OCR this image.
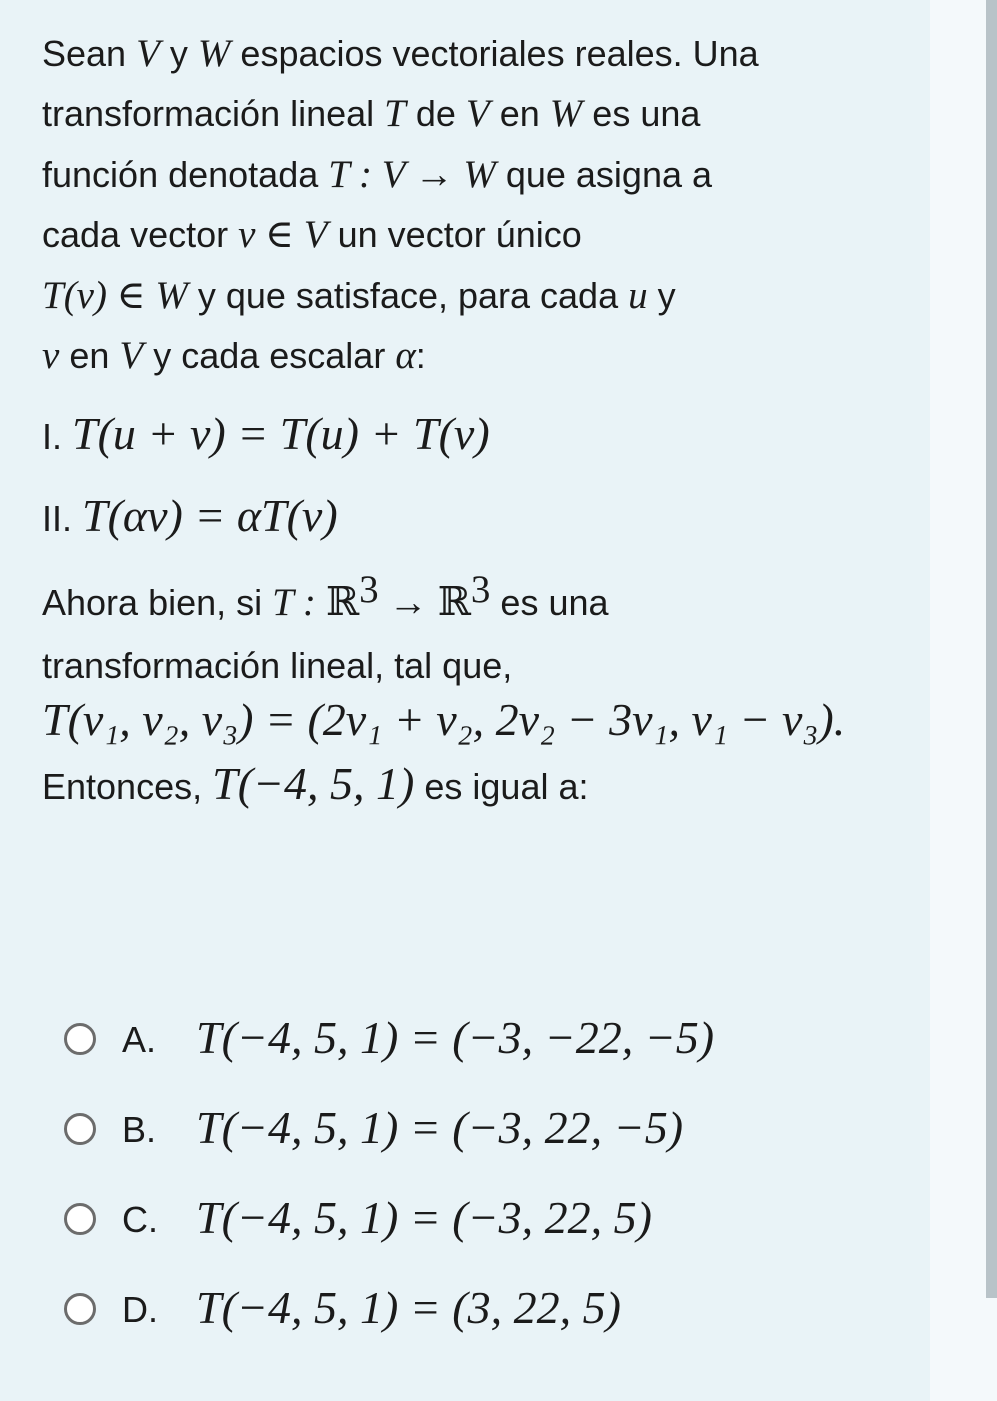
Sean V y W espacios vectoriales reales. Una
transformación lineal T de V en W es una
función denotada T : V → W que asigna a
cada vector v ∈ V un vector único
T(v) ∈ W y que satisface, para cada u y
v en V y cada escalar α:
I. T(u + v) = T(u) + T(v)
II. T(αv) = αT(v)
Ahora bien, si T : ℝ$^3$ → ℝ$^3$ es una
transformación lineal, tal que,
T(v₁, v₂, v₃) = (2v₁ + v₂, 2v₂ − 3v₁, v₁ − v₃).
Entonces, T(−4, 5, 1) es igual a:
A. T(−4, 5, 1) = (−3, −22, −5)
B. T(−4, 5, 1) = (−3, 22, −5)
C. T(−4, 5, 1) = (−3, 22, 5)
D. T(−4, 5, 1) = (3, 22, 5)
